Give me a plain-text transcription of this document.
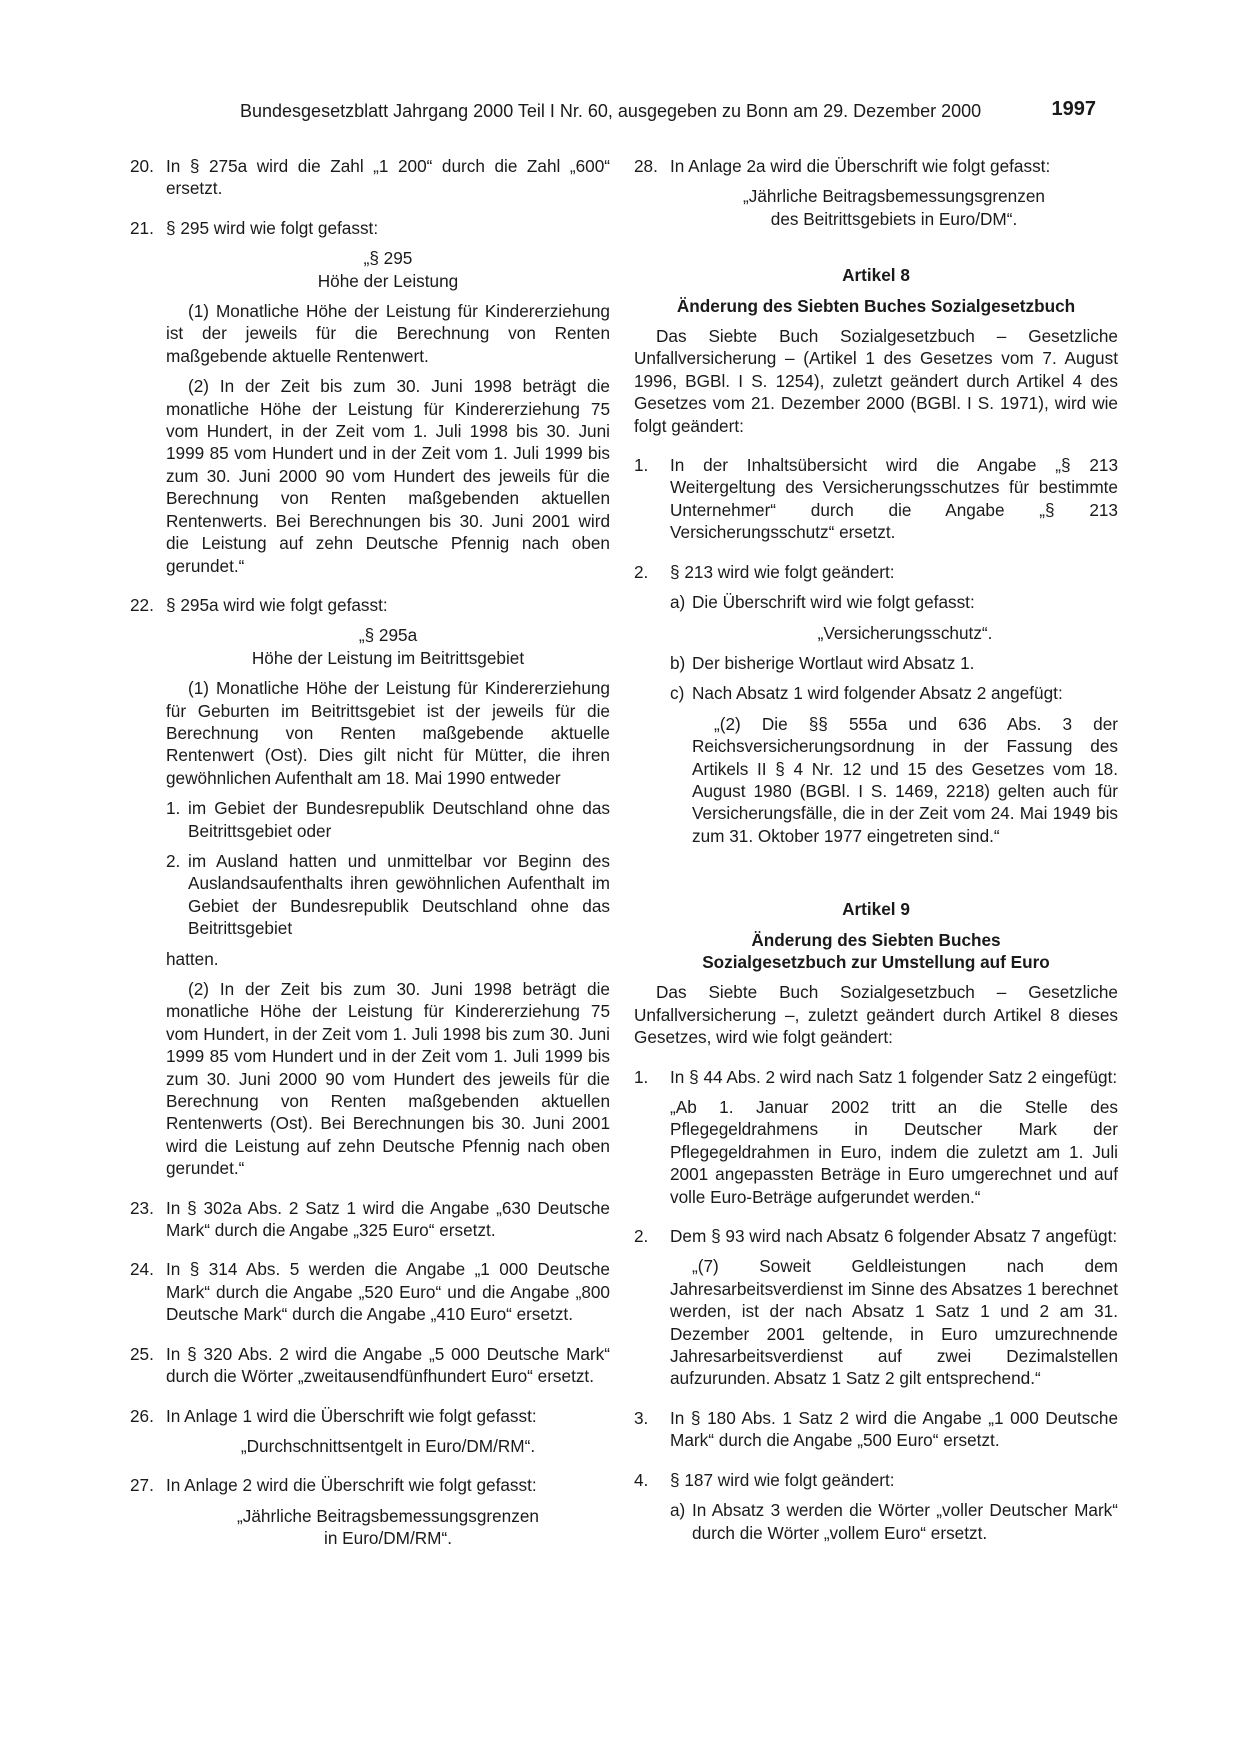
Bundesgesetzblatt Jahrgang 2000 Teil I Nr. 60, ausgegeben zu Bonn am 29. Dezember 2000	1997
20. In § 275a wird die Zahl „1 200“ durch die Zahl „600“ ersetzt.
21. § 295 wird wie folgt gefasst:
„§ 295
Höhe der Leistung
(1) Monatliche Höhe der Leistung für Kindererziehung ist der jeweils für die Berechnung von Renten maßgebende aktuelle Rentenwert.
(2) In der Zeit bis zum 30. Juni 1998 beträgt die monatliche Höhe der Leistung für Kindererziehung 75 vom Hundert, in der Zeit vom 1. Juli 1998 bis 30. Juni 1999 85 vom Hundert und in der Zeit vom 1. Juli 1999 bis zum 30. Juni 2000 90 vom Hundert des jeweils für die Berechnung von Renten maßgebenden aktuellen Rentenwerts. Bei Berechnungen bis 30. Juni 2001 wird die Leistung auf zehn Deutsche Pfennig nach oben gerundet.“
22. § 295a wird wie folgt gefasst:
„§ 295a
Höhe der Leistung im Beitrittsgebiet
(1) Monatliche Höhe der Leistung für Kindererziehung für Geburten im Beitrittsgebiet ist der jeweils für die Berechnung von Renten maßgebende aktuelle Rentenwert (Ost). Dies gilt nicht für Mütter, die ihren gewöhnlichen Aufenthalt am 18. Mai 1990 entweder
1. im Gebiet der Bundesrepublik Deutschland ohne das Beitrittsgebiet oder
2. im Ausland hatten und unmittelbar vor Beginn des Auslandsaufenthalts ihren gewöhnlichen Aufenthalt im Gebiet der Bundesrepublik Deutschland ohne das Beitrittsgebiet
hatten.
(2) In der Zeit bis zum 30. Juni 1998 beträgt die monatliche Höhe der Leistung für Kindererziehung 75 vom Hundert, in der Zeit vom 1. Juli 1998 bis zum 30. Juni 1999 85 vom Hundert und in der Zeit vom 1. Juli 1999 bis zum 30. Juni 2000 90 vom Hundert des jeweils für die Berechnung von Renten maßgebenden aktuellen Rentenwerts (Ost). Bei Berechnungen bis 30. Juni 2001 wird die Leistung auf zehn Deutsche Pfennig nach oben gerundet.“
23. In § 302a Abs. 2 Satz 1 wird die Angabe „630 Deutsche Mark“ durch die Angabe „325 Euro“ ersetzt.
24. In § 314 Abs. 5 werden die Angabe „1 000 Deutsche Mark“ durch die Angabe „520 Euro“ und die Angabe „800 Deutsche Mark“ durch die Angabe „410 Euro“ ersetzt.
25. In § 320 Abs. 2 wird die Angabe „5 000 Deutsche Mark“ durch die Wörter „zweitausendfünfhundert Euro“ ersetzt.
26. In Anlage 1 wird die Überschrift wie folgt gefasst:
„Durchschnittsentgelt in Euro/DM/RM“.
27. In Anlage 2 wird die Überschrift wie folgt gefasst:
„Jährliche Beitragsbemessungsgrenzen
in Euro/DM/RM“.
28. In Anlage 2a wird die Überschrift wie folgt gefasst:
„Jährliche Beitragsbemessungsgrenzen
des Beitrittsgebiets in Euro/DM“.
Artikel 8
Änderung des Siebten Buches Sozialgesetzbuch
Das Siebte Buch Sozialgesetzbuch – Gesetzliche Unfallversicherung – (Artikel 1 des Gesetzes vom 7. August 1996, BGBl. I S. 1254), zuletzt geändert durch Artikel 4 des Gesetzes vom 21. Dezember 2000 (BGBl. I S. 1971), wird wie folgt geändert:
1.	In der Inhaltsübersicht wird die Angabe „§ 213 Weitergeltung des Versicherungsschutzes für bestimmte Unternehmer“ durch die Angabe „§ 213 Versicherungsschutz“ ersetzt.
2.	§ 213 wird wie folgt geändert:
a) Die Überschrift wird wie folgt gefasst:
„Versicherungsschutz“.
b) Der bisherige Wortlaut wird Absatz 1.
c) Nach Absatz 1 wird folgender Absatz 2 angefügt:
„(2) Die §§ 555a und 636 Abs. 3 der Reichsversicherungsordnung in der Fassung des Artikels II § 4 Nr. 12 und 15 des Gesetzes vom 18. August 1980 (BGBl. I S. 1469, 2218) gelten auch für Versicherungsfälle, die in der Zeit vom 24. Mai 1949 bis zum 31. Oktober 1977 eingetreten sind.“
Artikel 9
Änderung des Siebten Buches
Sozialgesetzbuch zur Umstellung auf Euro
Das Siebte Buch Sozialgesetzbuch – Gesetzliche Unfallversicherung –, zuletzt geändert durch Artikel 8 dieses Gesetzes, wird wie folgt geändert:
1.	In § 44 Abs. 2 wird nach Satz 1 folgender Satz 2 eingefügt:
„Ab 1. Januar 2002 tritt an die Stelle des Pflegegeldrahmens in Deutscher Mark der Pflegegeldrahmen in Euro, indem die zuletzt am 1. Juli 2001 angepassten Beträge in Euro umgerechnet und auf volle Euro-Beträge aufgerundet werden.“
2.	Dem § 93 wird nach Absatz 6 folgender Absatz 7 angefügt:
„(7) Soweit Geldleistungen nach dem Jahresarbeitsverdienst im Sinne des Absatzes 1 berechnet werden, ist der nach Absatz 1 Satz 1 und 2 am 31. Dezember 2001 geltende, in Euro umzurechnende Jahresarbeitsverdienst auf zwei Dezimalstellen aufzurunden. Absatz 1 Satz 2 gilt entsprechend.“
3.	In § 180 Abs. 1 Satz 2 wird die Angabe „1 000 Deutsche Mark“ durch die Angabe „500 Euro“ ersetzt.
4.	§ 187 wird wie folgt geändert:
a) In Absatz 3 werden die Wörter „voller Deutscher Mark“ durch die Wörter „vollem Euro“ ersetzt.
